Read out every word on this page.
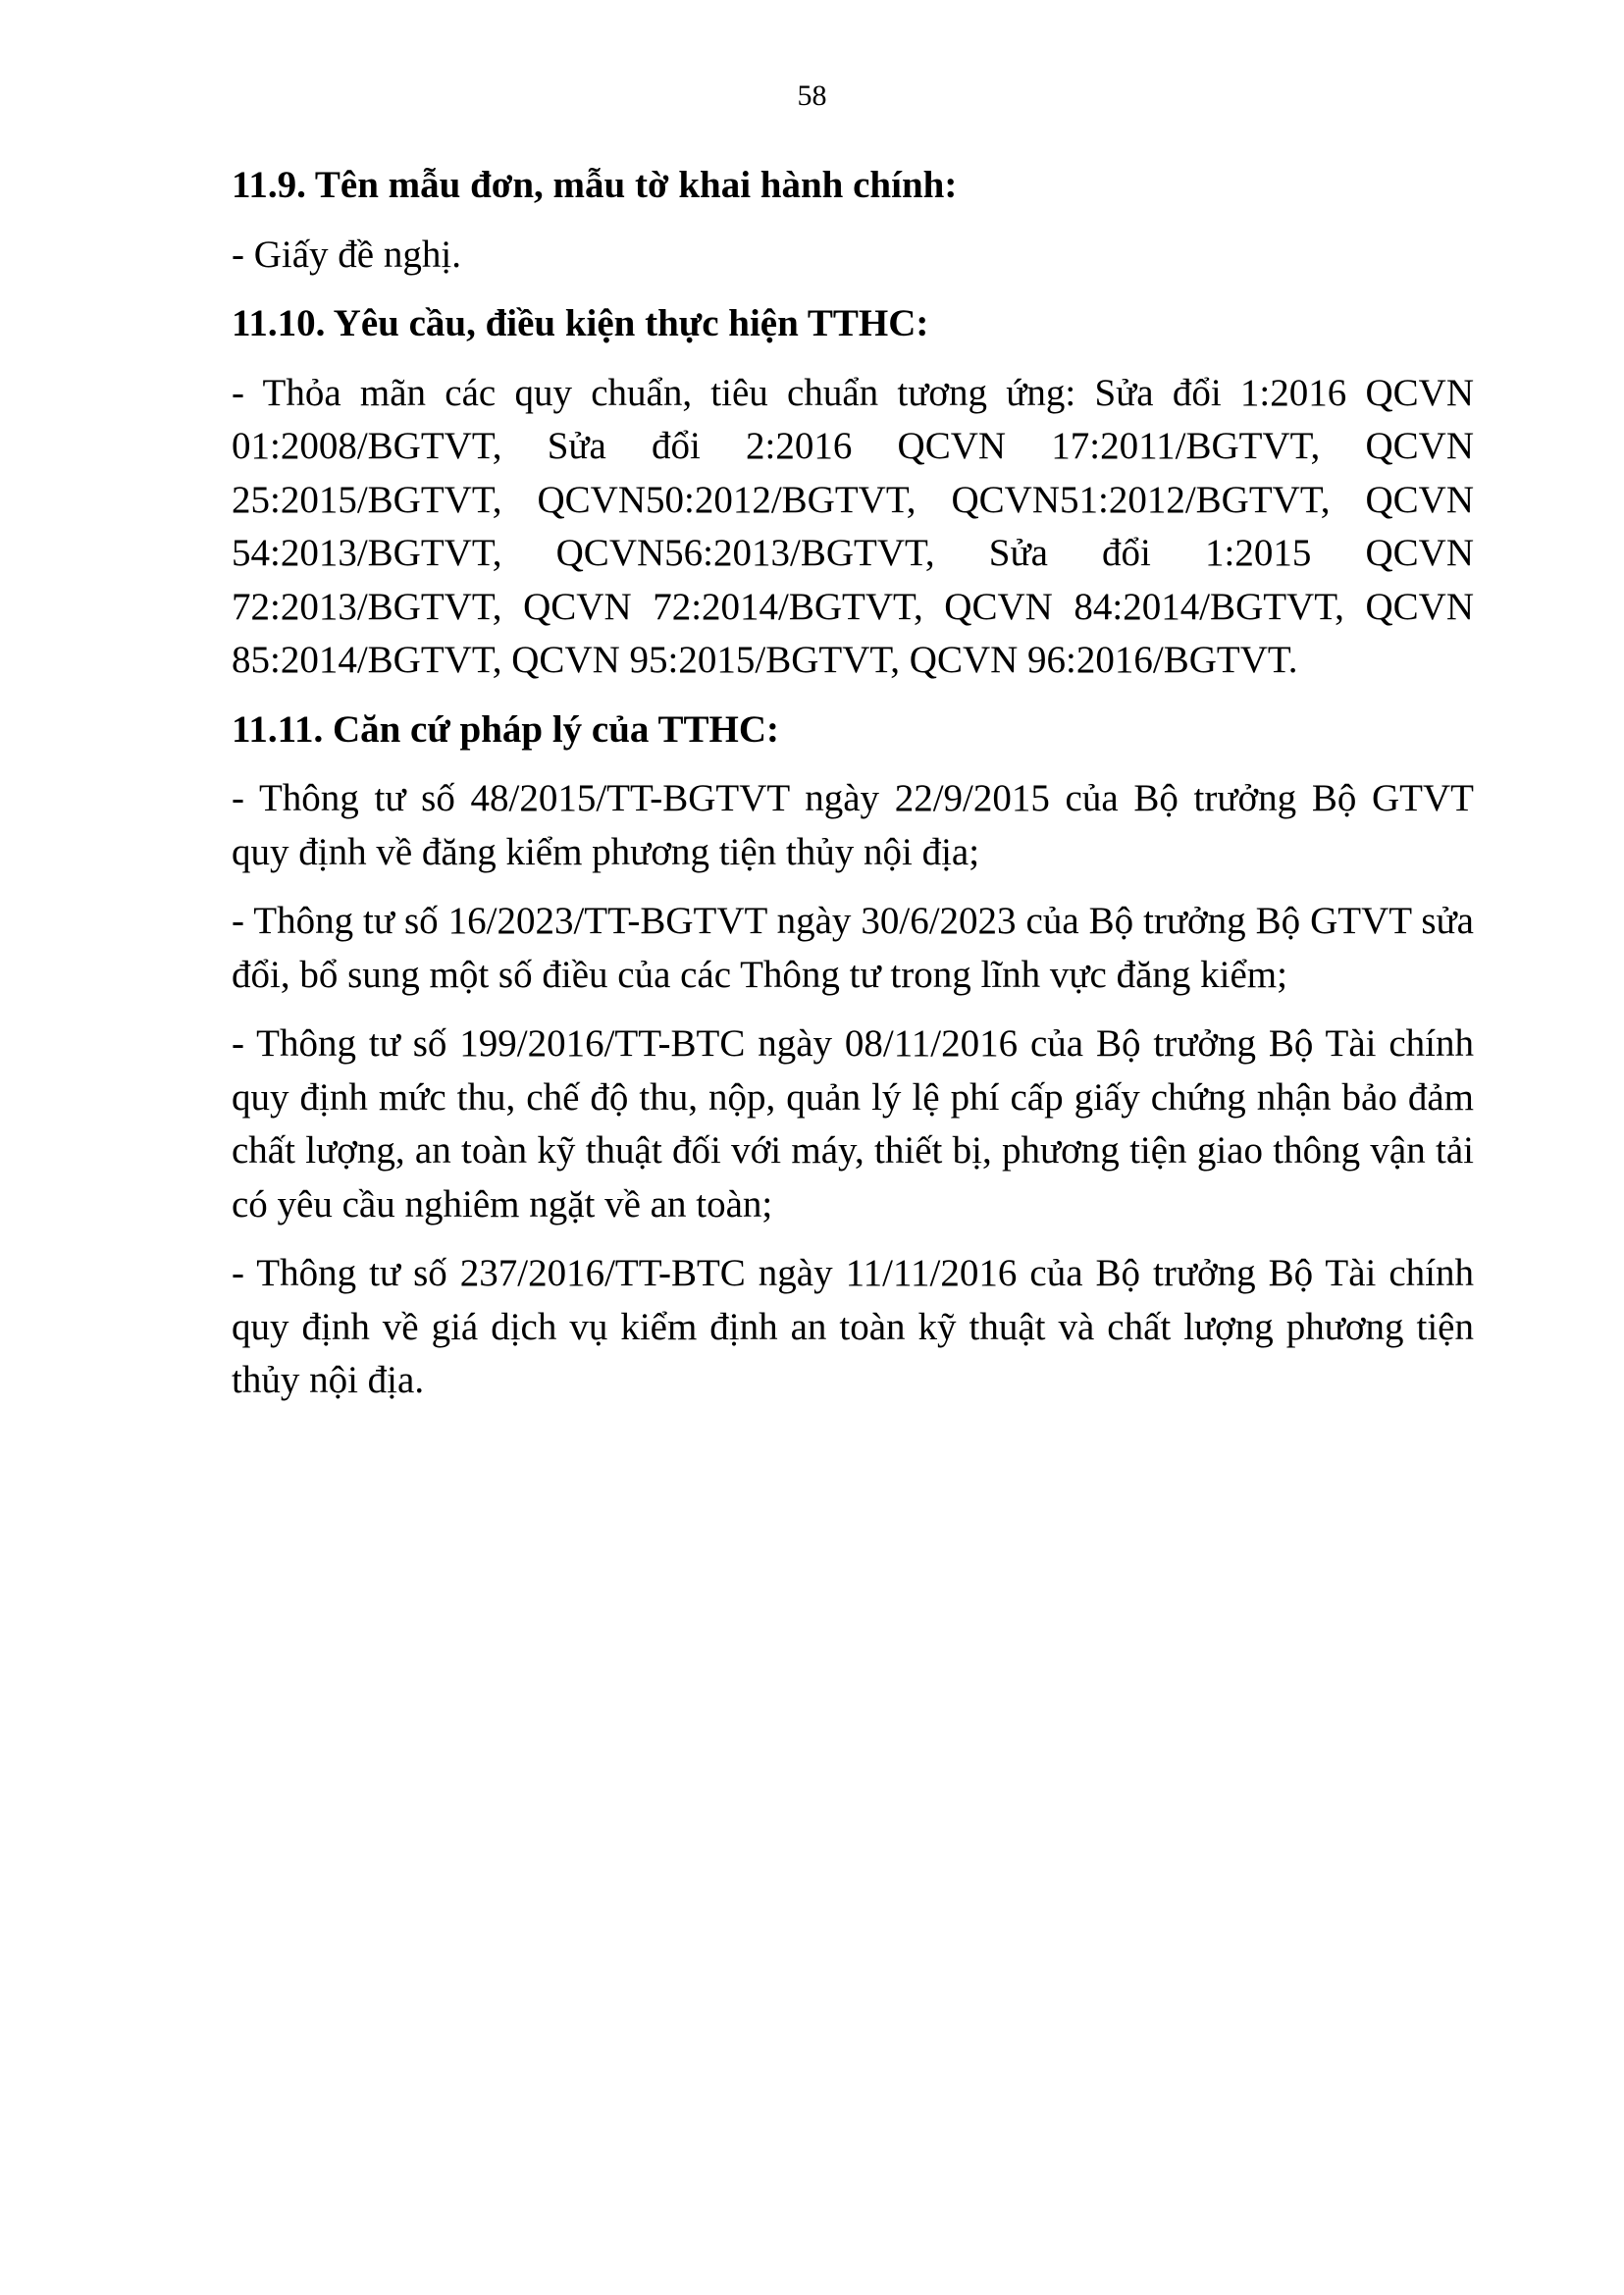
58
11.9. Tên mẫu đơn, mẫu tờ khai hành chính:
- Giấy đề nghị.
11.10. Yêu cầu, điều kiện thực hiện TTHC:
- Thỏa mãn các quy chuẩn, tiêu chuẩn tương ứng: Sửa đổi 1:2016 QCVN
01:2008/BGTVT, Sửa đổi 2:2016 QCVN 17:2011/BGTVT, QCVN
25:2015/BGTVT, QCVN50:2012/BGTVT, QCVN51:2012/BGTVT, QCVN
54:2013/BGTVT, QCVN56:2013/BGTVT, Sửa đổi 1:2015 QCVN
72:2013/BGTVT, QCVN 72:2014/BGTVT, QCVN 84:2014/BGTVT, QCVN
85:2014/BGTVT, QCVN 95:2015/BGTVT, QCVN 96:2016/BGTVT.
11.11. Căn cứ pháp lý của TTHC:
- Thông tư số 48/2015/TT-BGTVT ngày 22/9/2015 của Bộ trưởng Bộ GTVT quy định về đăng kiểm phương tiện thủy nội địa;
- Thông tư số 16/2023/TT-BGTVT ngày 30/6/2023 của Bộ trưởng Bộ GTVT sửa đổi, bổ sung một số điều của các Thông tư trong lĩnh vực đăng kiểm;
- Thông tư số 199/2016/TT-BTC ngày 08/11/2016 của Bộ trưởng Bộ Tài chính quy định mức thu, chế độ thu, nộp, quản lý lệ phí cấp giấy chứng nhận bảo đảm chất lượng, an toàn kỹ thuật đối với máy, thiết bị, phương tiện giao thông vận tải có yêu cầu nghiêm ngặt về an toàn;
- Thông tư số 237/2016/TT-BTC ngày 11/11/2016 của Bộ trưởng Bộ Tài chính quy định về giá dịch vụ kiểm định an toàn kỹ thuật và chất lượng phương tiện thủy nội địa.
